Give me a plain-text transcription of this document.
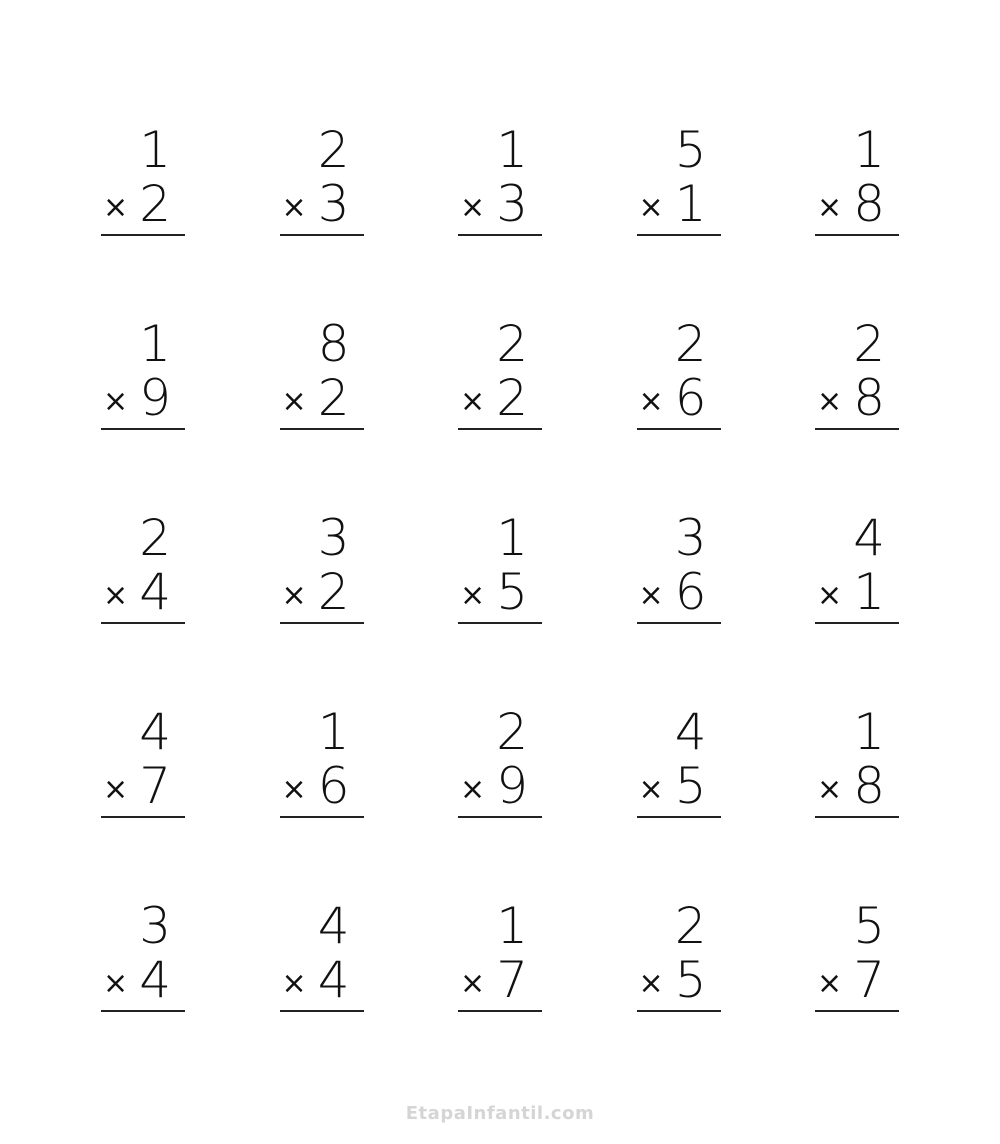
1
× 2
2
× 3
1
× 3
5
× 1
1
× 8
1
× 9
8
× 2
2
× 2
2
× 6
2
× 8
2
× 4
3
× 2
1
× 5
3
× 6
4
× 1
4
× 7
1
× 6
2
× 9
4
× 5
1
× 8
3
× 4
4
× 4
1
× 7
2
× 5
5
× 7
EtapaInfantil.com
